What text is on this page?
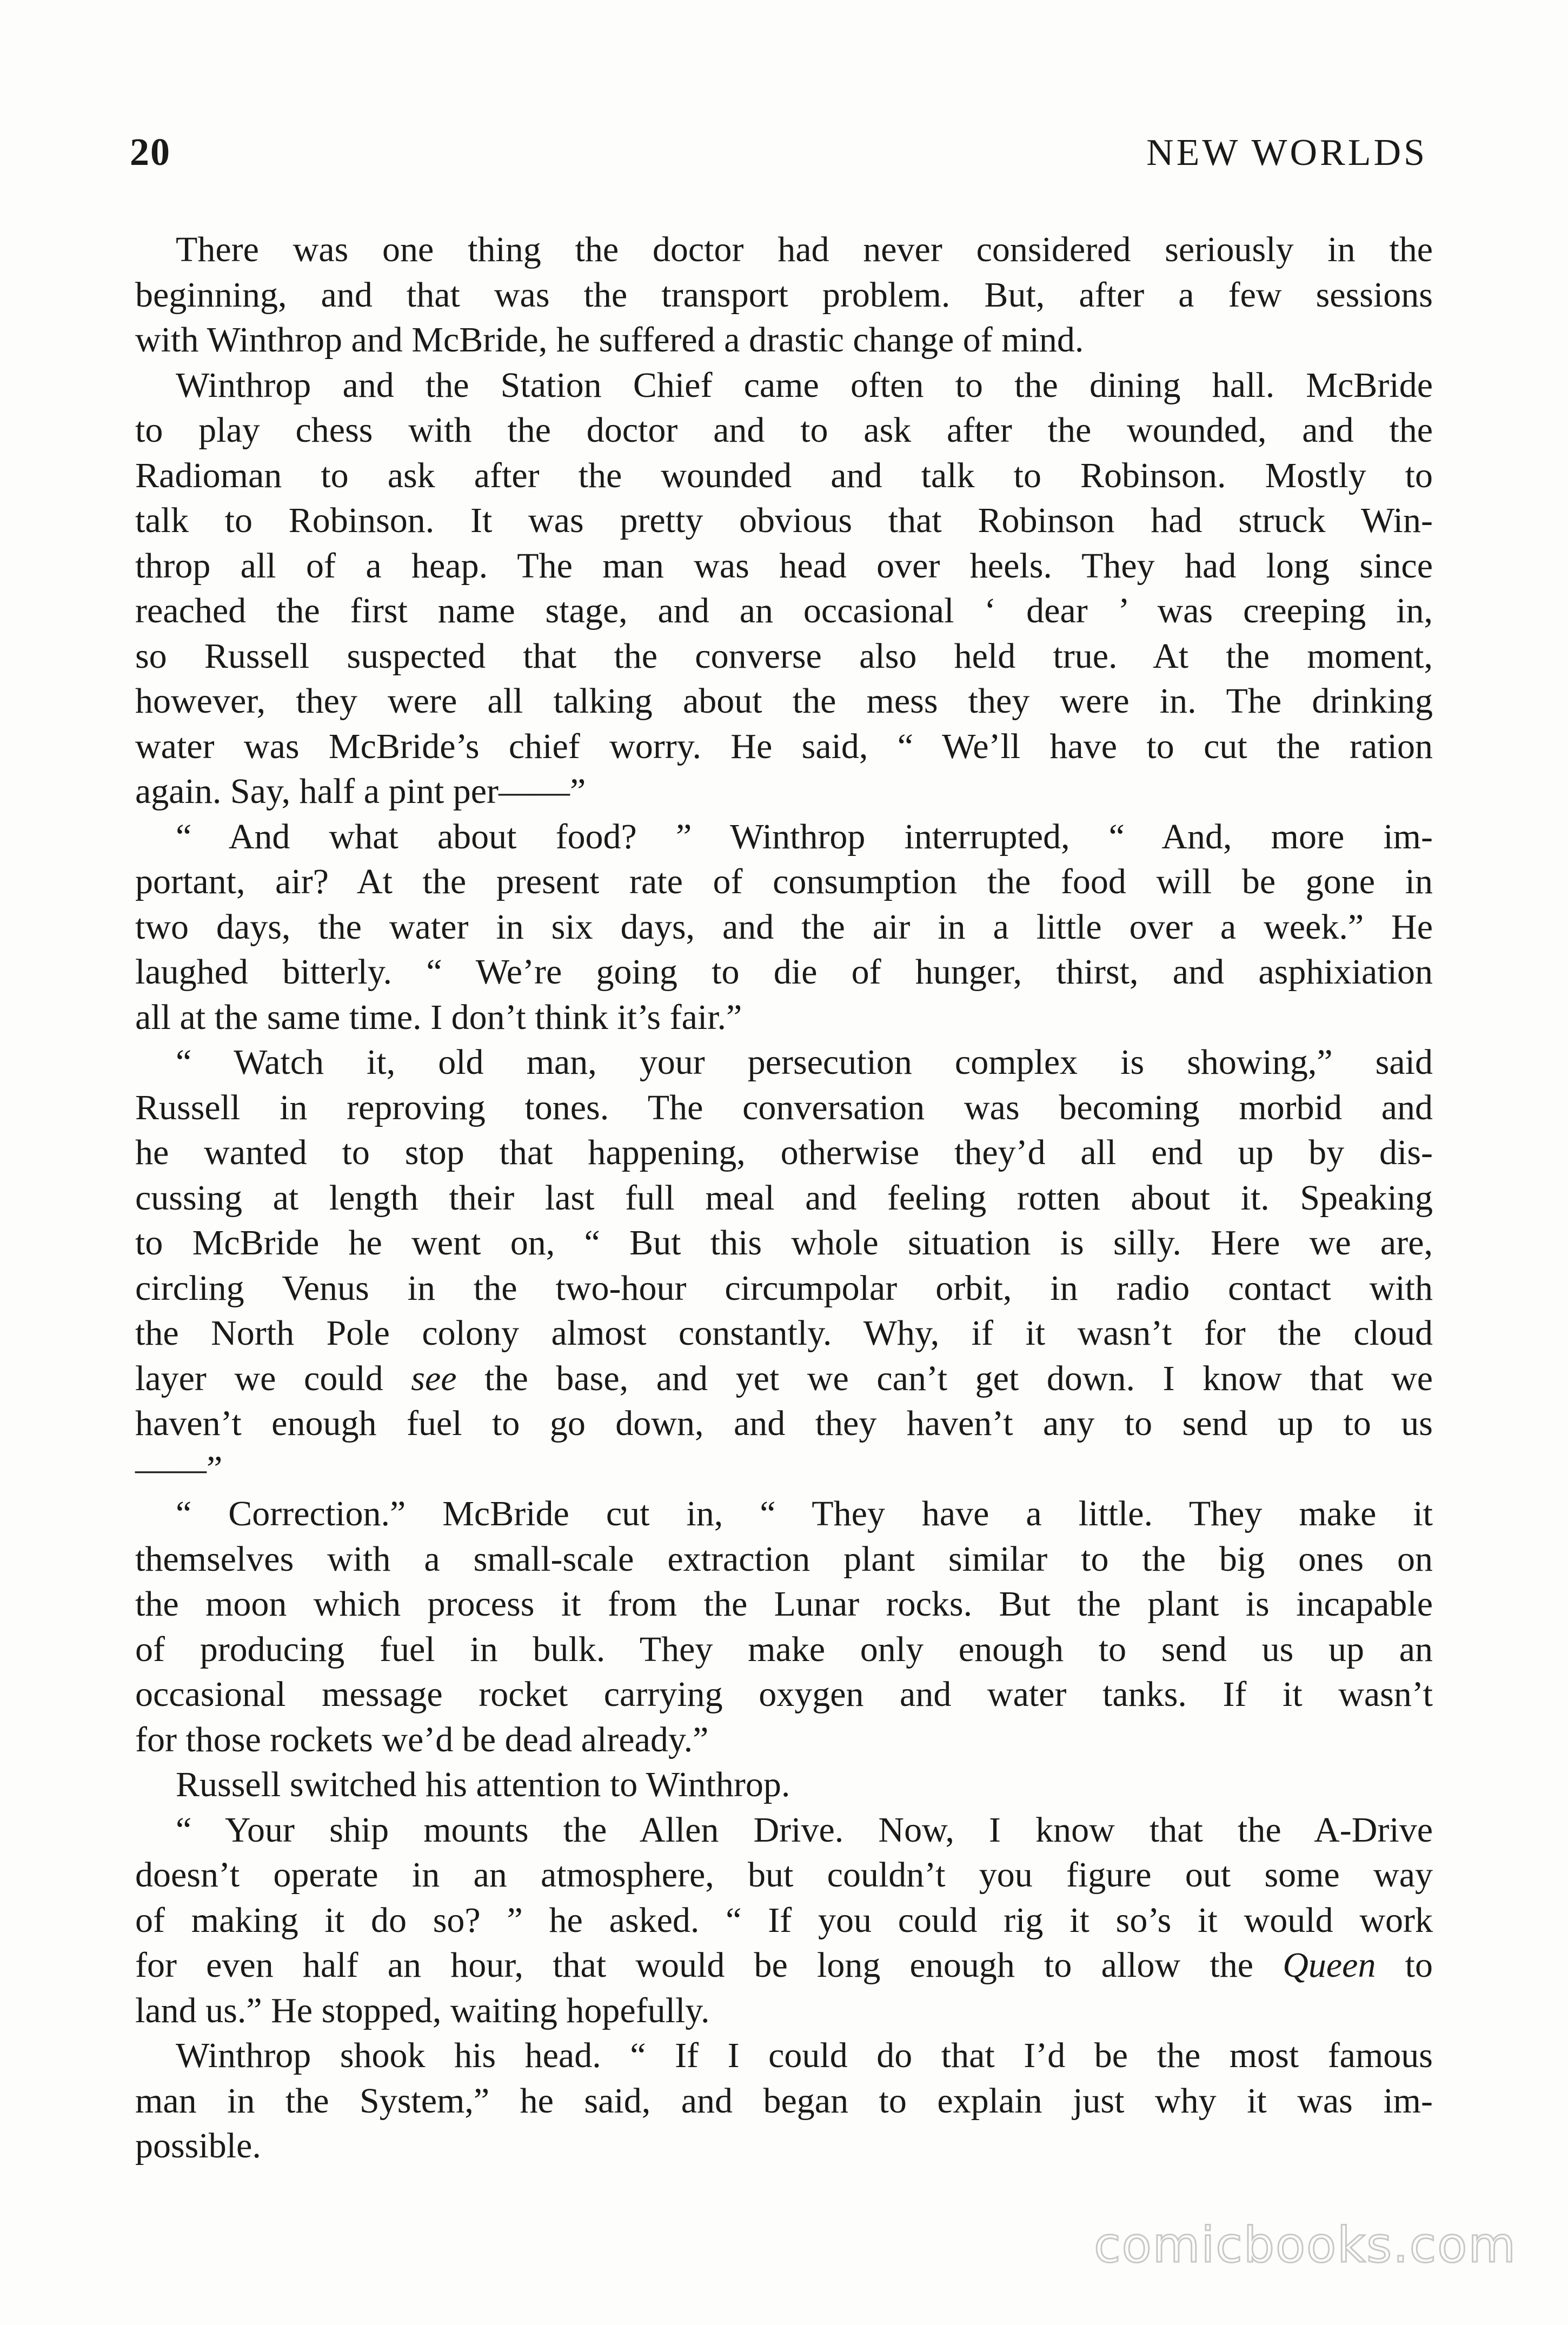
20	NEW WORLDS
There was one thing the doctor had never considered seriously in the
beginning, and that was the transport problem. But, after a few sessions
with Winthrop and McBride, he suffered a drastic change of mind.
Winthrop and the Station Chief came often to the dining hall. McBride
to play chess with the doctor and to ask after the wounded, and the
Radioman to ask after the wounded and talk to Robinson. Mostly to
talk to Robinson. It was pretty obvious that Robinson had struck Win-
throp all of a heap. The man was head over heels. They had long since
reached the first name stage, and an occasional ‘ dear ’ was creeping in,
so Russell suspected that the converse also held true. At the moment,
however, they were all talking about the mess they were in. The drinking
water was McBride’s chief worry. He said, “ We’ll have to cut the ration
again. Say, half a pint per——”
“ And what about food? ” Winthrop interrupted, “ And, more im-
portant, air? At the present rate of consumption the food will be gone in
two days, the water in six days, and the air in a little over a week.” He
laughed bitterly. “ We’re going to die of hunger, thirst, and asphixiation
all at the same time. I don’t think it’s fair.”
“ Watch it, old man, your persecution complex is showing,” said
Russell in reproving tones. The conversation was becoming morbid and
he wanted to stop that happening, otherwise they’d all end up by dis-
cussing at length their last full meal and feeling rotten about it. Speaking
to McBride he went on, “ But this whole situation is silly. Here we are,
circling Venus in the two-hour circumpolar orbit, in radio contact with
the North Pole colony almost constantly. Why, if it wasn’t for the cloud
layer we could see the base, and yet we can’t get down. I know that we
haven’t enough fuel to go down, and they haven’t any to send up to us
——”
“ Correction.” McBride cut in, “ They have a little. They make it
themselves with a small-scale extraction plant similar to the big ones on
the moon which process it from the Lunar rocks. But the plant is incapable
of producing fuel in bulk. They make only enough to send us up an
occasional message rocket carrying oxygen and water tanks. If it wasn’t
for those rockets we’d be dead already.”
Russell switched his attention to Winthrop.
“ Your ship mounts the Allen Drive. Now, I know that the A-Drive
doesn’t operate in an atmosphere, but couldn’t you figure out some way
of making it do so? ” he asked. “ If you could rig it so’s it would work
for even half an hour, that would be long enough to allow the Queen to
land us.” He stopped, waiting hopefully.
Winthrop shook his head. “ If I could do that I’d be the most famous
man in the System,” he said, and began to explain just why it was im-
possible.
comicbooks.com
